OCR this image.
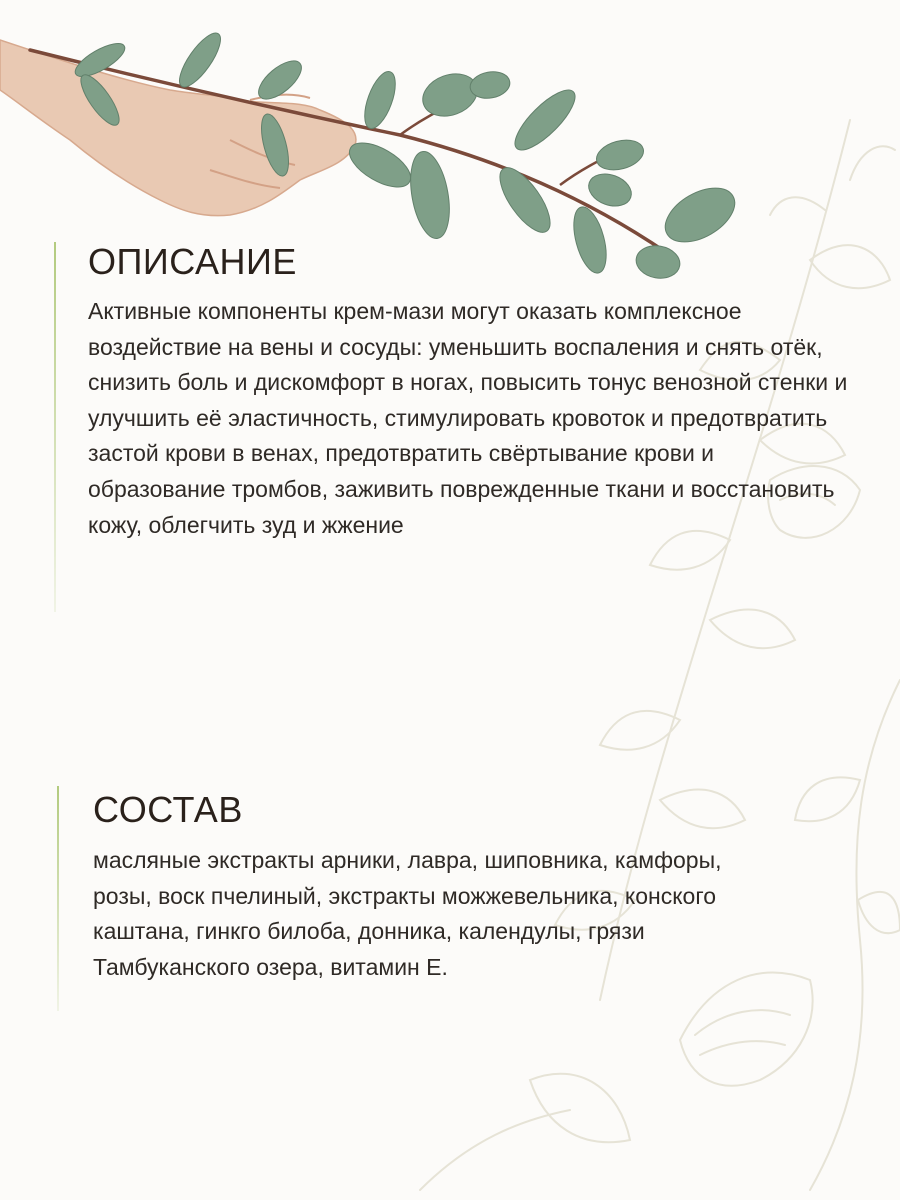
ОПИСАНИЕ

Активные компоненты крем-мази могут оказать комплексное воздействие на вены и сосуды: уменьшить воспаления и снять отёк, снизить боль и дискомфорт в ногах, повысить тонус венозной стенки и улучшить её эластичность, стимулировать кровоток и предотвратить застой крови в венах, предотвратить свёртывание крови и образование тромбов, заживить поврежденные ткани и восстановить кожу, облегчить зуд и жжение

СОСТАВ

масляные экстракты арники, лавра, шиповника, камфоры, розы, воск пчелиный, экстракты можжевельника, конского каштана, гинкго билоба, донника, календулы, грязи Тамбуканского озера, витамин Е.
